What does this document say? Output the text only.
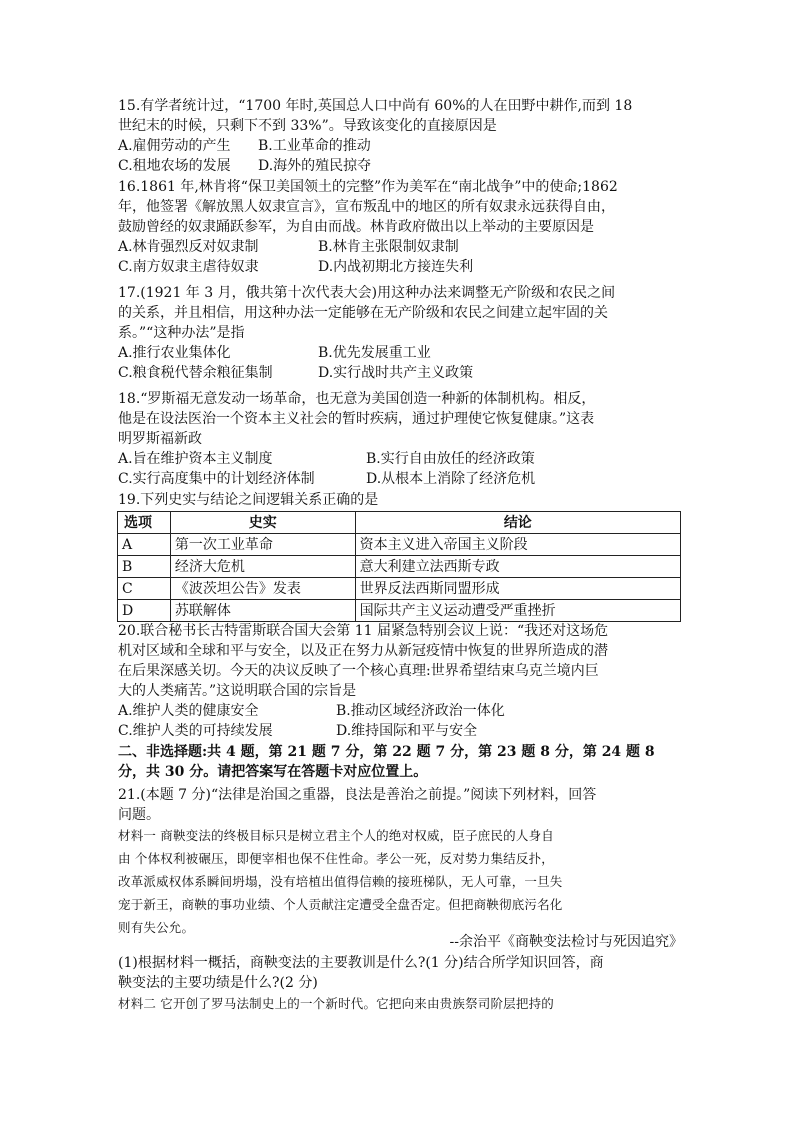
15.有学者统计过，“1700 年时,英国总人口中尚有 60%的人在田野中耕作,而到 18
世纪末的时候，只剩下不到 33%”。导致该变化的直接原因是
A.雇佣劳动的产生 B.工业革命的推动
C.租地农场的发展 D.海外的殖民掠夺
16.1861 年,林肯将“保卫美国领土的完整”作为美军在“南北战争”中的使命;1862
年，他签署《解放黑人奴隶宣言》，宣布叛乱中的地区的所有奴隶永远获得自由，
鼓励曾经的奴隶踊跃参军，为自由而战。林肯政府做出以上举动的主要原因是
A.林肯强烈反对奴隶制	B.林肯主张限制奴隶制
C.南方奴隶主虐待奴隶	D.内战初期北方接连失利
17.(1921 年 3 月，俄共第十次代表大会)用这种办法来调整无产阶级和农民之间
的关系，并且相信，用这种办法一定能够在无产阶级和农民之间建立起牢固的关
系。”“这种办法”是指
A.推行农业集体化	B.优先发展重工业
C.粮食税代替余粮征集制	D.实行战时共产主义政策
18.“罗斯福无意发动一场革命，也无意为美国创造一种新的体制机构。相反，
他是在设法医治一个资本主义社会的暂时疾病，通过护理使它恢复健康。”这表
明罗斯福新政
A.旨在维护资本主义制度	B.实行自由放任的经济政策
C.实行高度集中的计划经济体制	D.从根本上消除了经济危机
19.下列史实与结论之间逻辑关系正确的是
选项	史实	结论
A	第一次工业革命	资本主义进入帝国主义阶段
B	经济大危机	意大利建立法西斯专政
C	《波茨坦公告》发表	世界反法西斯同盟形成
D	苏联解体	国际共产主义运动遭受严重挫折
20.联合秘书长古特雷斯联合国大会第 11 届紧急特别会议上说：“我还对这场危
机对区域和全球和平与安全，以及正在努力从新冠疫情中恢复的世界所造成的潜
在后果深感关切。今天的决议反映了一个核心真理:世界希望结束乌克兰境内巨
大的人类痛苦。”这说明联合国的宗旨是
A.维护人类的健康安全	B.推动区域经济政治一体化
C.维护人类的可持续发展	D.维持国际和平与安全
二、非选择题:共 4 题，第 21 题 7 分，第 22 题 7 分，第 23 题 8 分，第 24 题 8
分，共 30 分。请把答案写在答题卡对应位置上。
21.(本题 7 分)“法律是治国之重器，良法是善治之前提。”阅读下列材料，回答
问题。
材料一 商鞅变法的终极目标只是树立君主个人的绝对权威，臣子庶民的人身自
由 个体权利被碾压，即便宰相也保不住性命。孝公一死，反对势力集结反扑，
改革派威权体系瞬间坍塌，没有培植出值得信赖的接班梯队，无人可靠，一旦失
宠于新王，商鞅的事功业绩、个人贡献注定遭受全盘否定。但把商鞅彻底污名化
则有失公允。
--余治平《商鞅变法检讨与死因追究》
(1)根据材料一概括，商鞅变法的主要教训是什么?(1 分)结合所学知识回答，商
鞅变法的主要功绩是什么?(2 分)
材料二 它开创了罗马法制史上的一个新时代。它把向来由贵族祭司阶层把持的
